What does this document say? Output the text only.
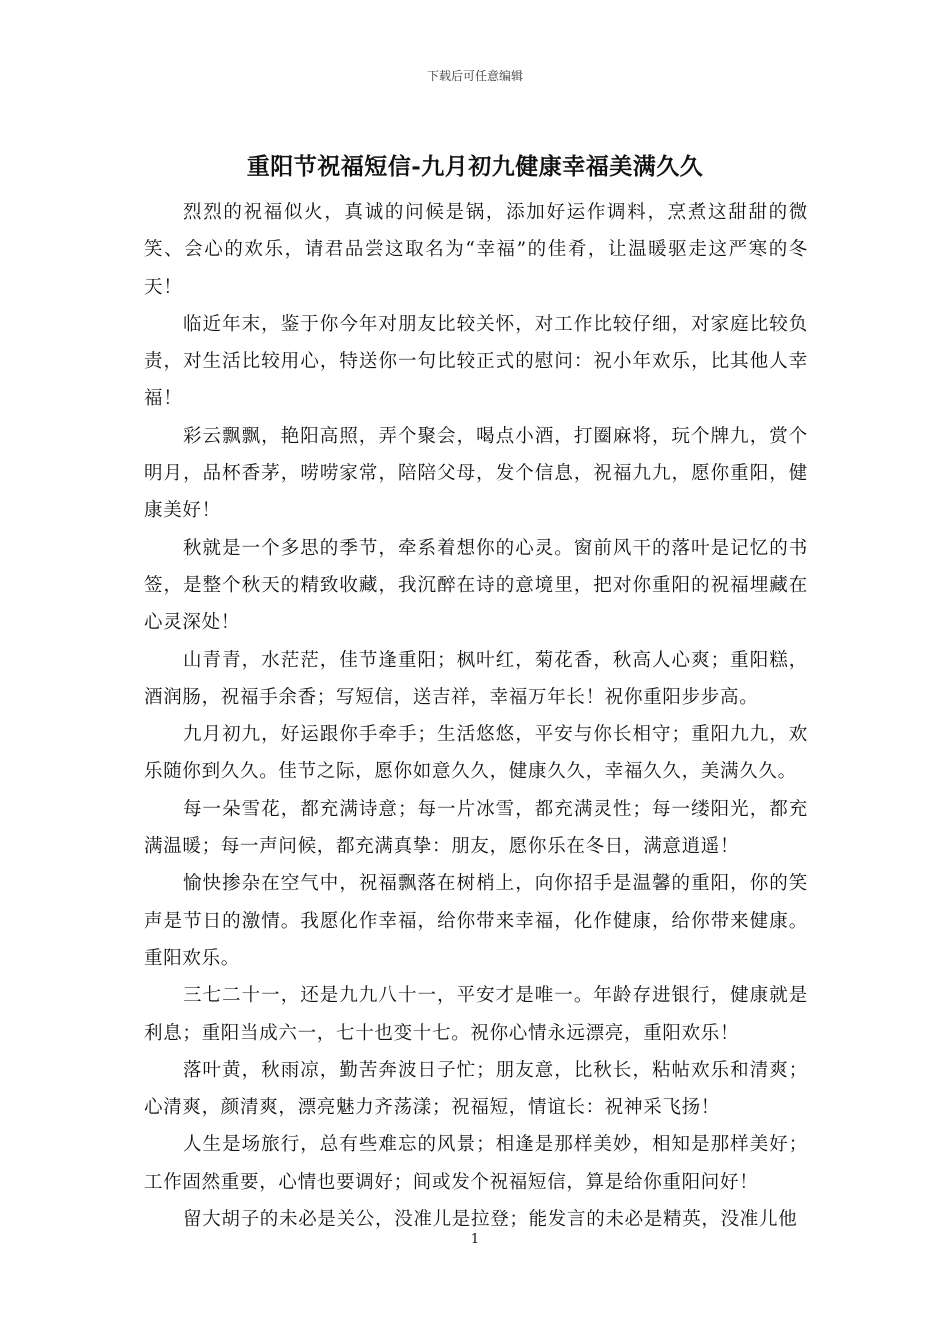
下载后可任意编辑
重阳节祝福短信-九月初九健康幸福美满久久

烈烈的祝福似火，真诚的问候是锅，添加好运作调料，烹煮这甜甜的微笑、会心的欢乐，请君品尝这取名为“幸福”的佳肴，让温暖驱走这严寒的冬天！

临近年末，鉴于你今年对朋友比较关怀，对工作比较仔细，对家庭比较负责，对生活比较用心，特送你一句比较正式的慰问：祝小年欢乐，比其他人幸福！

彩云飘飘，艳阳高照，弄个聚会，喝点小酒，打圈麻将，玩个牌九，赏个明月，品杯香茅，唠唠家常，陪陪父母，发个信息，祝福九九，愿你重阳，健康美好！

秋就是一个多思的季节，牵系着想你的心灵。窗前风干的落叶是记忆的书签，是整个秋天的精致收藏，我沉醉在诗的意境里，把对你重阳的祝福埋藏在心灵深处！

山青青，水茫茫，佳节逢重阳；枫叶红，菊花香，秋高人心爽；重阳糕，酒润肠，祝福手余香；写短信，送吉祥，幸福万年长！祝你重阳步步高。

九月初九，好运跟你手牵手；生活悠悠，平安与你长相守；重阳九九，欢乐随你到久久。佳节之际，愿你如意久久，健康久久，幸福久久，美满久久。

每一朵雪花，都充满诗意；每一片冰雪，都充满灵性；每一缕阳光，都充满温暖；每一声问候，都充满真挚：朋友，愿你乐在冬日，满意逍遥！

愉快掺杂在空气中，祝福飘落在树梢上，向你招手是温馨的重阳，你的笑声是节日的激情。我愿化作幸福，给你带来幸福，化作健康，给你带来健康。重阳欢乐。

三七二十一，还是九九八十一，平安才是唯一。年龄存进银行，健康就是利息；重阳当成六一，七十也变十七。祝你心情永远漂亮，重阳欢乐！

落叶黄，秋雨凉，勤苦奔波日子忙；朋友意，比秋长，粘帖欢乐和清爽；心清爽，颜清爽，漂亮魅力齐荡漾；祝福短，情谊长：祝神采飞扬！

人生是场旅行，总有些难忘的风景；相逢是那样美妙，相知是那样美好；工作固然重要，心情也要调好；间或发个祝福短信，算是给你重阳问好！

留大胡子的未必是关公，没准儿是拉登；能发言的未必是精英，没准儿他

1
